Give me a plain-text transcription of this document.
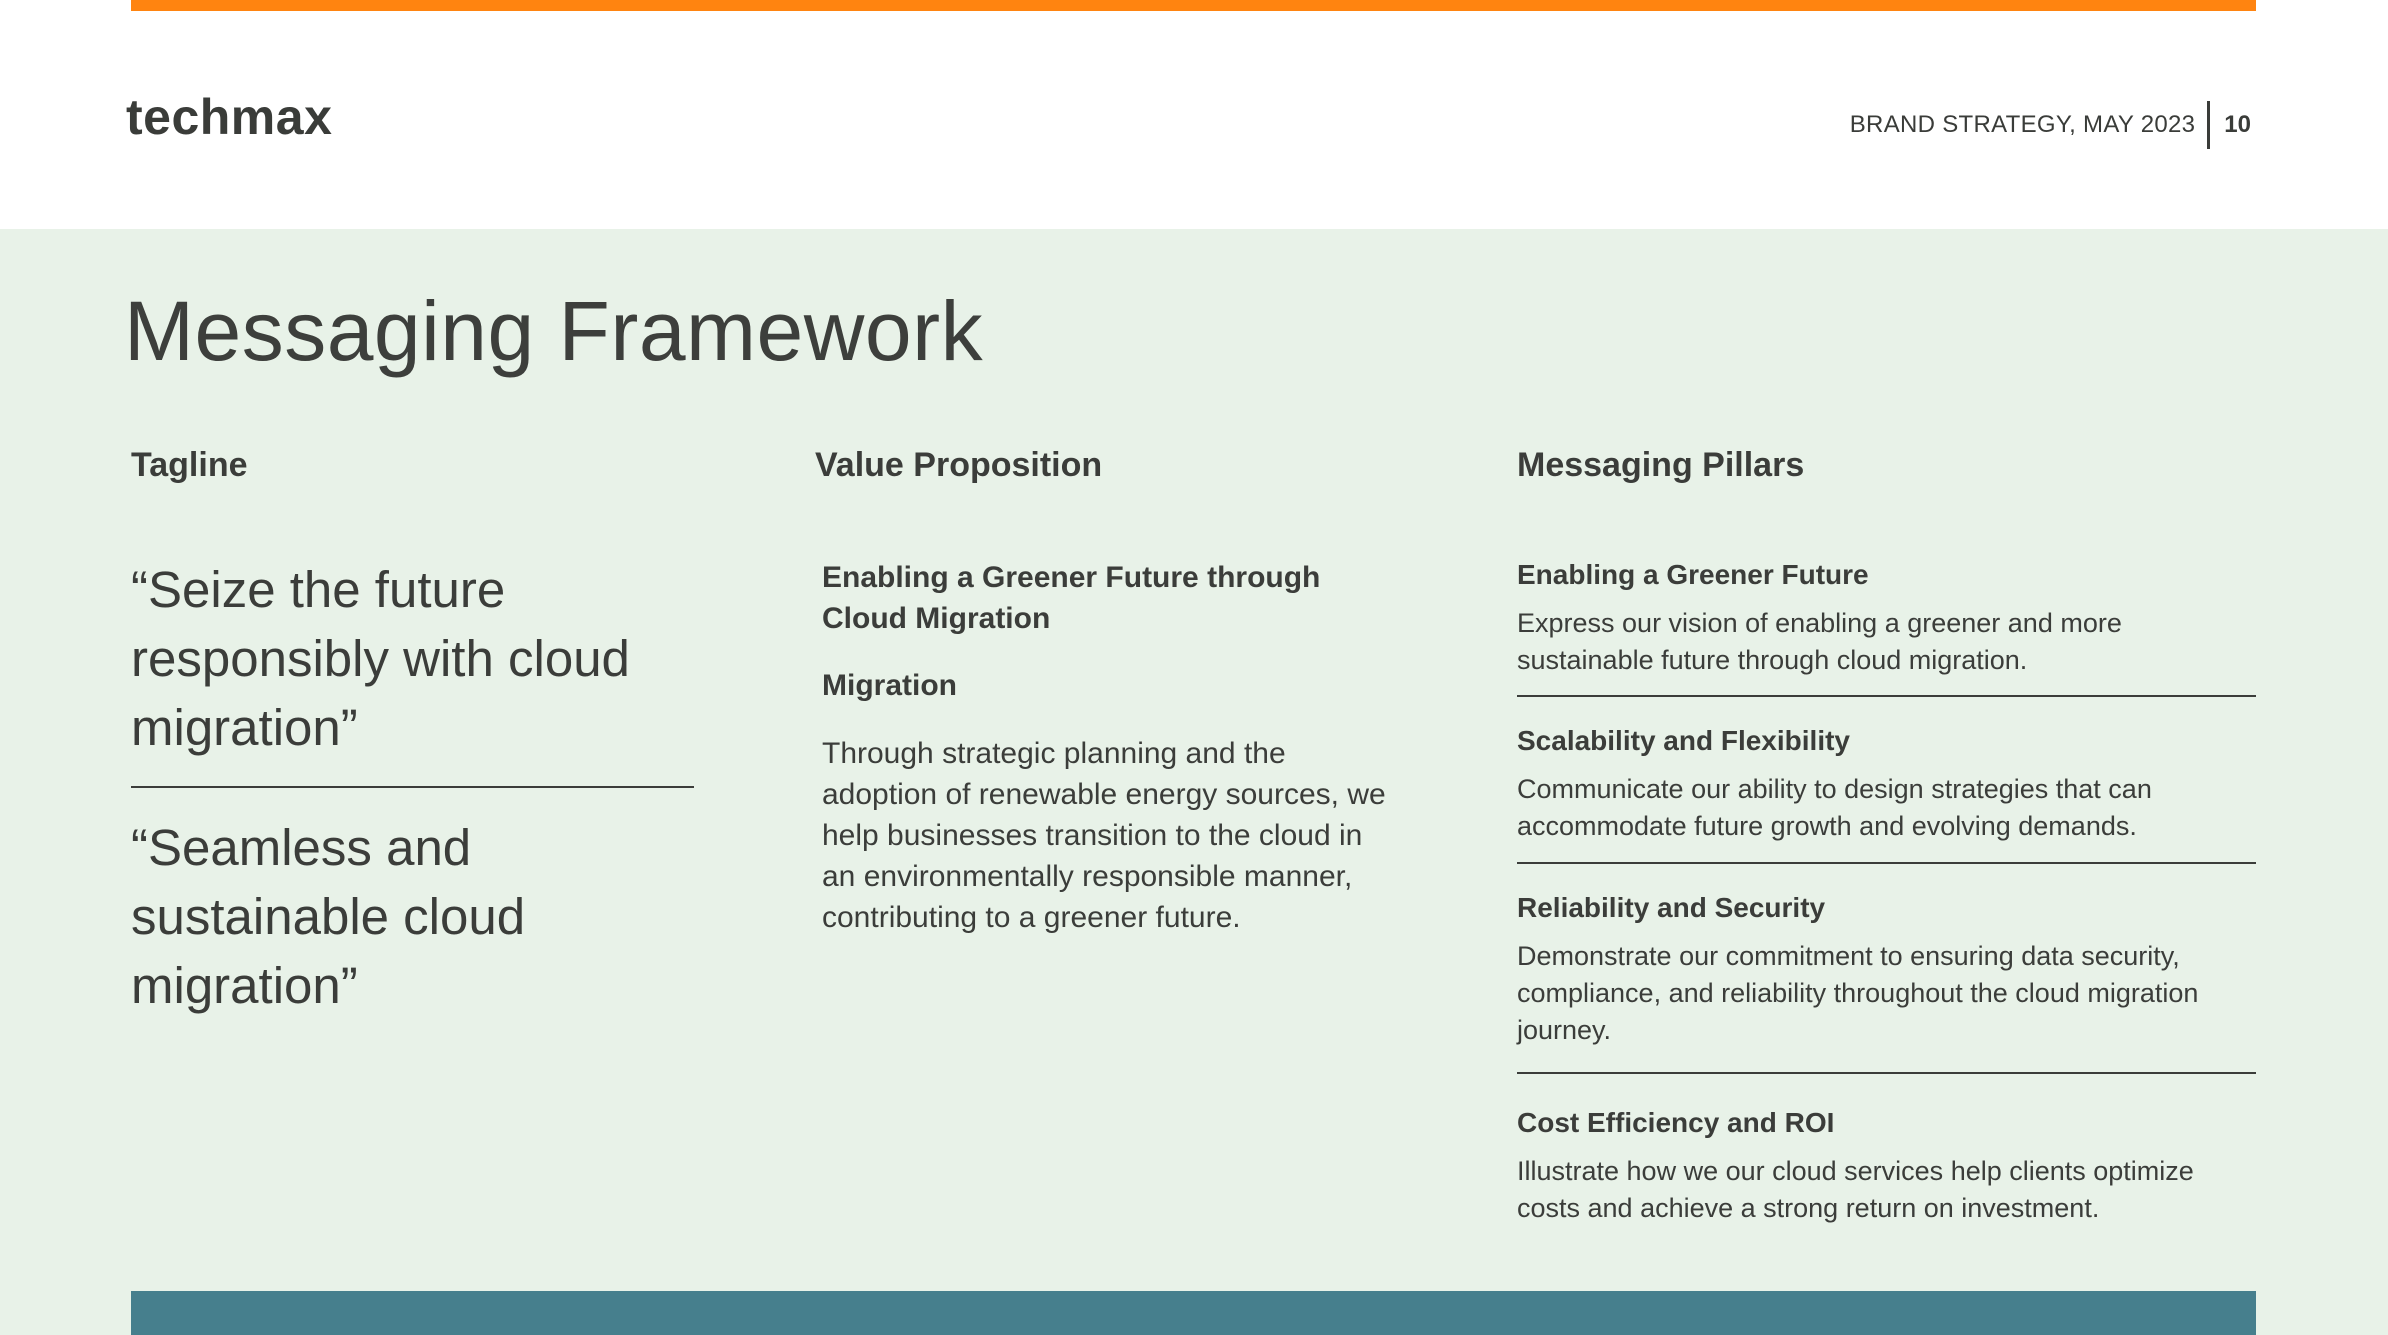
techmax	BRAND STRATEGY, MAY 2023 10
Messaging Framework
Tagline	Value Proposition	Messaging Pillars
“Seize the future responsibly with cloud migration”
“Seamless and sustainable cloud migration”
Enabling a Greener Future through Cloud Migration
Migration
Through strategic planning and the adoption of renewable energy sources, we help businesses transition to the cloud in an environmentally responsible manner, contributing to a greener future.
Enabling a Greener Future
Express our vision of enabling a greener and more sustainable future through cloud migration.
Scalability and Flexibility
Communicate our ability to design strategies that can accommodate future growth and evolving demands.
Reliability and Security
Demonstrate our commitment to ensuring data security, compliance, and reliability throughout the cloud migration journey.
Cost Efficiency and ROI
Illustrate how we our cloud services help clients optimize costs and achieve a strong return on investment.
